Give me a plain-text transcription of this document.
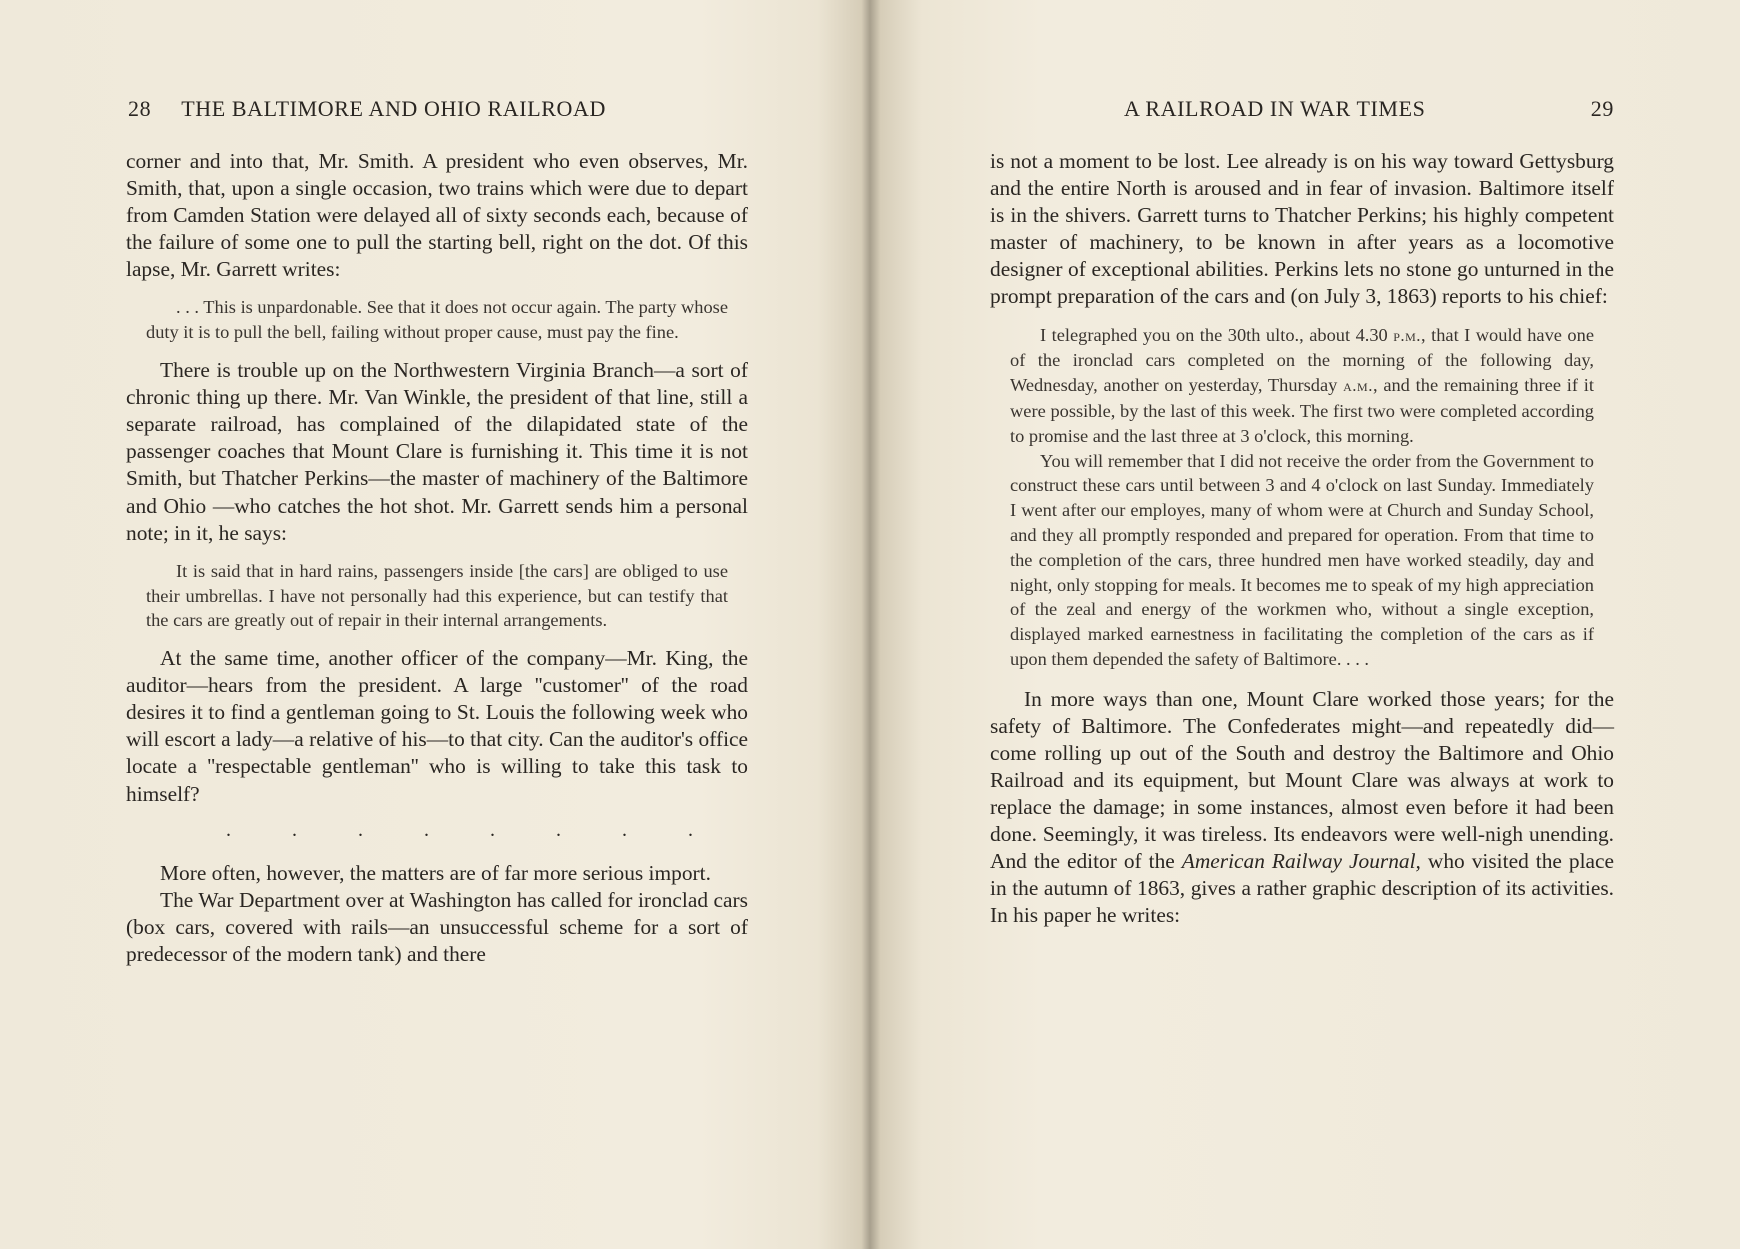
28 THE BALTIMORE AND OHIO RAILROAD

corner and into that, Mr. Smith. A president who even observes, Mr. Smith, that, upon a single occasion, two trains which were due to depart from Camden Station were delayed all of sixty seconds each, because of the failure of some one to pull the starting bell, right on the dot. Of this lapse, Mr. Garrett writes:

. . . This is unpardonable. See that it does not occur again. The party whose duty it is to pull the bell, failing without proper cause, must pay the fine.

There is trouble up on the Northwestern Virginia Branch—a sort of chronic thing up there. Mr. Van Winkle, the president of that line, still a separate railroad, has complained of the dilapidated state of the passenger coaches that Mount Clare is furnishing it. This time it is not Smith, but Thatcher Perkins—the master of machinery of the Baltimore and Ohio —who catches the hot shot. Mr. Garrett sends him a personal note; in it, he says:

It is said that in hard rains, passengers inside [the cars] are obliged to use their umbrellas. I have not personally had this experience, but can testify that the cars are greatly out of repair in their internal arrangements.

At the same time, another officer of the company—Mr. King, the auditor—hears from the president. A large ''customer'' of the road desires it to find a gentleman going to St. Louis the following week who will escort a lady—a relative of his—to that city. Can the auditor's office locate a ''respectable gentleman'' who is willing to take this task to himself?

. . . . . . . .

More often, however, the matters are of far more serious import.

The War Department over at Washington has called for ironclad cars (box cars, covered with rails—an unsuccessful scheme for a sort of predecessor of the modern tank) and there

A RAILROAD IN WAR TIMES	29

is not a moment to be lost. Lee already is on his way toward Gettysburg and the entire North is aroused and in fear of invasion. Baltimore itself is in the shivers. Garrett turns to Thatcher Perkins; his highly competent master of machinery, to be known in after years as a locomotive designer of exceptional abilities. Perkins lets no stone go unturned in the prompt preparation of the cars and (on July 3, 1863) reports to his chief:

I telegraphed you on the 30th ulto., about 4.30 p.m., that I would have one of the ironclad cars completed on the morning of the following day, Wednesday, another on yesterday, Thursday a.m., and the remaining three if it were possible, by the last of this week. The first two were completed according to promise and the last three at 3 o'clock, this morning.

You will remember that I did not receive the order from the Government to construct these cars until between 3 and 4 o'clock on last Sunday. Immediately I went after our employes, many of whom were at Church and Sunday School, and they all promptly responded and prepared for operation. From that time to the completion of the cars, three hundred men have worked steadily, day and night, only stopping for meals. It becomes me to speak of my high appreciation of the zeal and energy of the workmen who, without a single exception, displayed marked earnestness in facilitating the completion of the cars as if upon them depended the safety of Baltimore. . . .

In more ways than one, Mount Clare worked those years; for the safety of Baltimore. The Confederates might—and repeatedly did—come rolling up out of the South and destroy the Baltimore and Ohio Railroad and its equipment, but Mount Clare was always at work to replace the damage; in some instances, almost even before it had been done. Seemingly, it was tireless. Its endeavors were well-nigh unending. And the editor of the American Railway Journal, who visited the place in the autumn of 1863, gives a rather graphic description of its activities. In his paper he writes:
